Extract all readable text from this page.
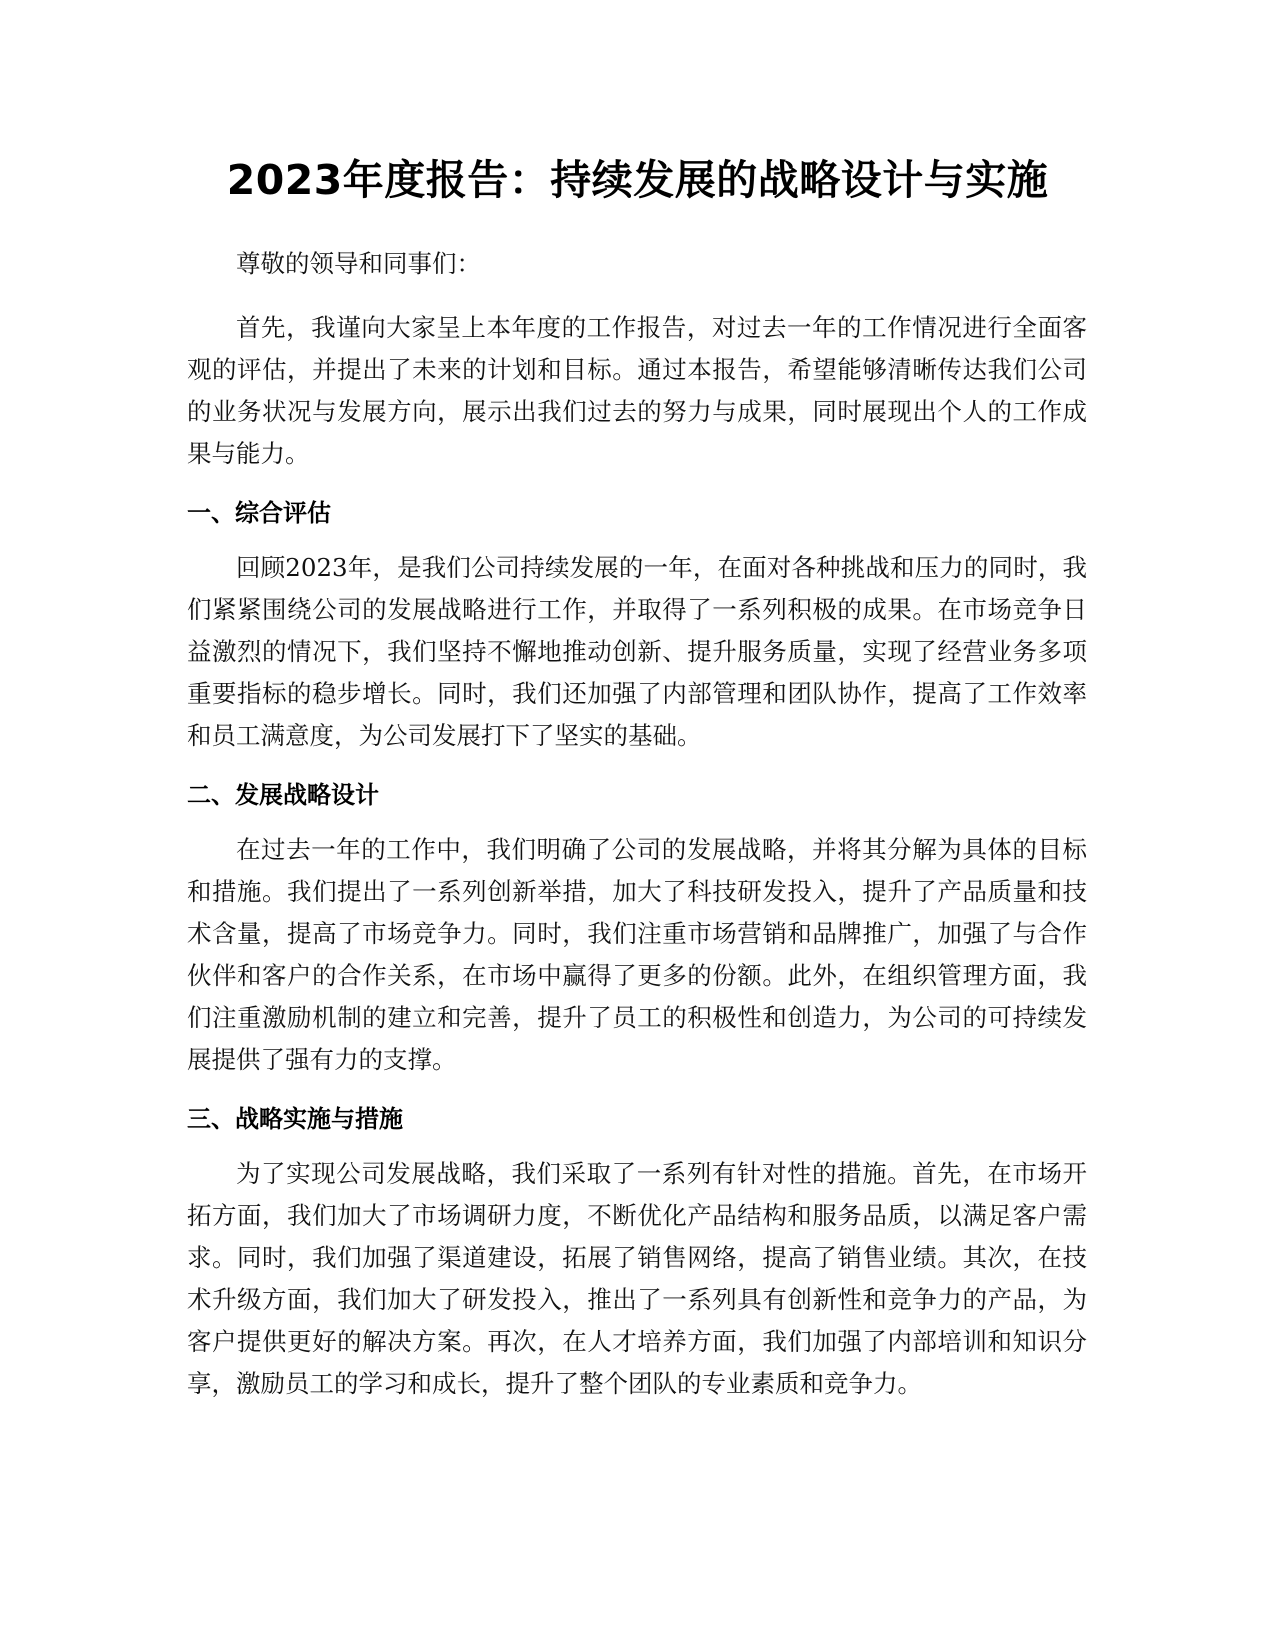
2023年度报告：持续发展的战略设计与实施

尊敬的领导和同事们：

首先，我谨向大家呈上本年度的工作报告，对过去一年的工作情况进行全面客观的评估，并提出了未来的计划和目标。通过本报告，希望能够清晰传达我们公司的业务状况与发展方向，展示出我们过去的努力与成果，同时展现出个人的工作成果与能力。

一、综合评估

回顾2023年，是我们公司持续发展的一年，在面对各种挑战和压力的同时，我们紧紧围绕公司的发展战略进行工作，并取得了一系列积极的成果。在市场竞争日益激烈的情况下，我们坚持不懈地推动创新、提升服务质量，实现了经营业务多项重要指标的稳步增长。同时，我们还加强了内部管理和团队协作，提高了工作效率和员工满意度，为公司发展打下了坚实的基础。

二、发展战略设计

在过去一年的工作中，我们明确了公司的发展战略，并将其分解为具体的目标和措施。我们提出了一系列创新举措，加大了科技研发投入，提升了产品质量和技术含量，提高了市场竞争力。同时，我们注重市场营销和品牌推广，加强了与合作伙伴和客户的合作关系，在市场中赢得了更多的份额。此外，在组织管理方面，我们注重激励机制的建立和完善，提升了员工的积极性和创造力，为公司的可持续发展提供了强有力的支撑。

三、战略实施与措施

为了实现公司发展战略，我们采取了一系列有针对性的措施。首先，在市场开拓方面，我们加大了市场调研力度，不断优化产品结构和服务品质，以满足客户需求。同时，我们加强了渠道建设，拓展了销售网络，提高了销售业绩。其次，在技术升级方面，我们加大了研发投入，推出了一系列具有创新性和竞争力的产品，为客户提供更好的解决方案。再次，在人才培养方面，我们加强了内部培训和知识分享，激励员工的学习和成长，提升了整个团队的专业素质和竞争力。
